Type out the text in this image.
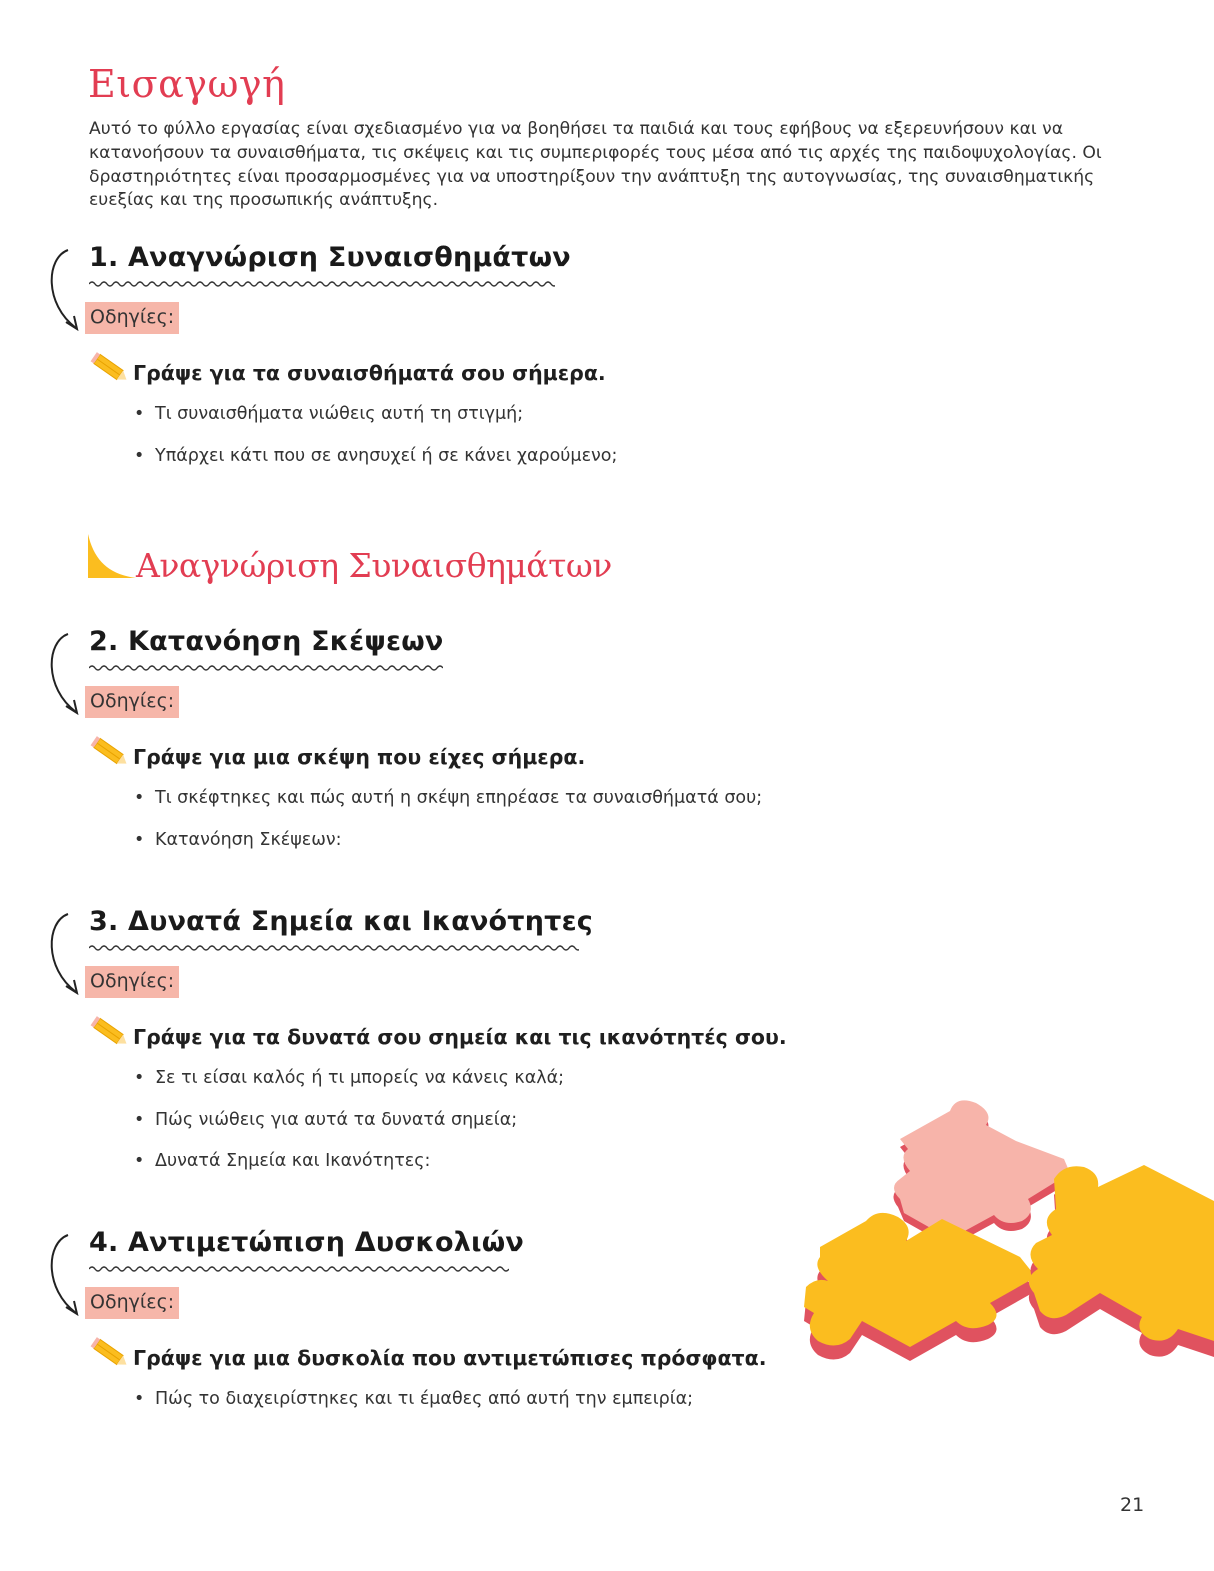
Εισαγωγή

Αυτό το φύλλο εργασίας είναι σχεδιασμένο για να βοηθήσει τα παιδιά και τους εφήβους να εξερευνήσουν και να κατανοήσουν τα συναισθήματα, τις σκέψεις και τις συμπεριφορές τους μέσα από τις αρχές της παιδοψυχολογίας. Οι δραστηριότητες είναι προσαρμοσμένες για να υποστηρίξουν την ανάπτυξη της αυτογνωσίας, της συναισθηματικής ευεξίας και της προσωπικής ανάπτυξης.

1. Αναγνώριση Συναισθημάτων
Οδηγίες:

Γράψε για τα συναισθήματά σου σήμερα.

• Τι συναισθήματα νιώθεις αυτή τη στιγμή;
• Υπάρχει κάτι που σε ανησυχεί ή σε κάνει χαρούμενο;
Αναγνώριση Συναισθημάτων
2. Κατανόηση Σκέψεων
Οδηγίες:

Γράψε για μια σκέψη που είχες σήμερα.

• Τι σκέφτηκες και πώς αυτή η σκέψη επηρέασε τα συναισθήματά σου;
• Κατανόηση Σκέψεων:
3. Δυνατά Σημεία και Ικανότητες
Οδηγίες:

Γράψε για τα δυνατά σου σημεία και τις ικανότητές σου.

• Σε τι είσαι καλός ή τι μπορείς να κάνεις καλά;
• Πώς νιώθεις για αυτά τα δυνατά σημεία;
• Δυνατά Σημεία και Ικανότητες:
4. Αντιμετώπιση Δυσκολιών
Οδηγίες:

Γράψε για μια δυσκολία που αντιμετώπισες πρόσφατα.

• Πώς το διαχειρίστηκες και τι έμαθες από αυτή την εμπειρία;
21
